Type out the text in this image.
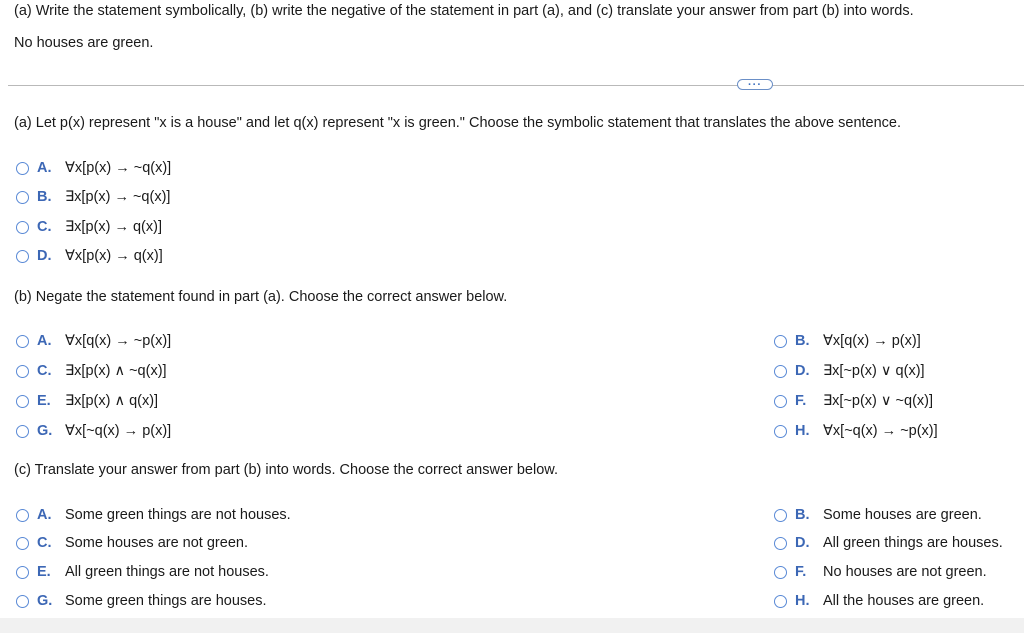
(a) Write the statement symbolically, (b) write the negative of the statement in part (a), and (c) translate your answer from part (b) into words.
No houses are green.
···
(a) Let p(x) represent "x is a house" and let q(x) represent "x is green." Choose the symbolic statement that translates the above sentence.
A. ∀x[p(x) → ~q(x)]
B. ∃x[p(x) → ~q(x)]
C. ∃x[p(x) → q(x)]
D. ∀x[p(x) → q(x)]
(b) Negate the statement found in part (a). Choose the correct answer below.
A. ∀x[q(x) → ~p(x)]	B. ∀x[q(x) → p(x)]
C. ∃x[p(x) ∧ ~q(x)]	D. ∃x[~p(x) ∨ q(x)]
E. ∃x[p(x) ∧ q(x)]	F.	∃x[~p(x) ∨ ~q(x)]
G. ∀x[~q(x) → p(x)]	H. ∀x[~q(x) → ~p(x)]
(c) Translate your answer from part (b) into words. Choose the correct answer below.
A. Some green things are not houses.	B. Some houses are green.
C. Some houses are not green.	D. All green things are houses.
E. All green things are not houses.	F.	No houses are not green.
G. Some green things are houses.	H. All the houses are green.
